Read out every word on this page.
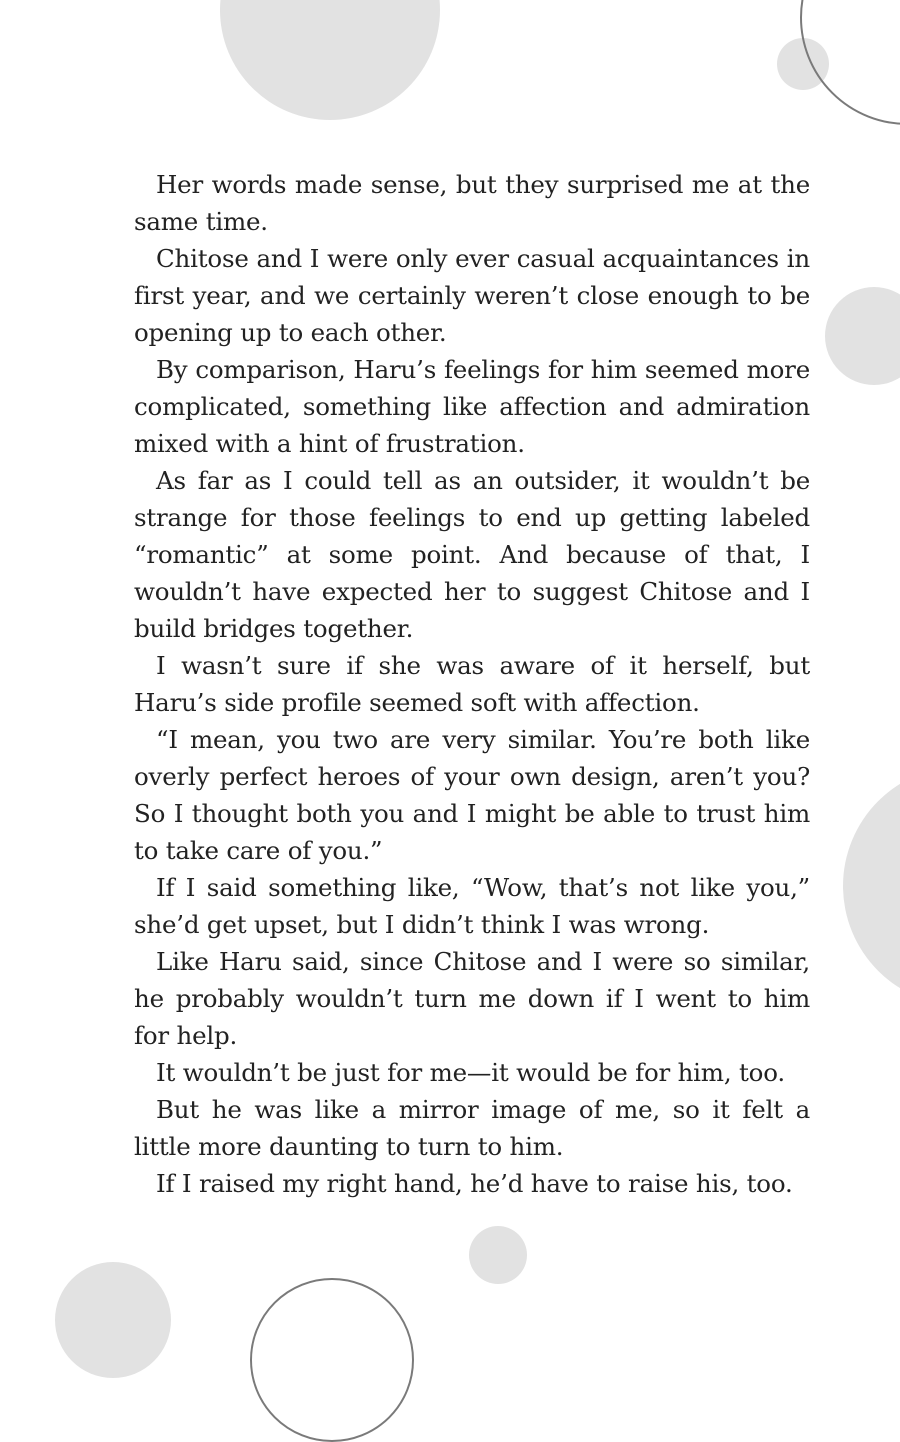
Her words made sense, but they surprised me at the same time.

Chitose and I were only ever casual acquaintances in first year, and we certainly weren’t close enough to be opening up to each other.

By comparison, Haru’s feelings for him seemed more complicated, something like affection and admiration mixed with a hint of frustration.

As far as I could tell as an outsider, it wouldn’t be strange for those feelings to end up getting labeled “romantic” at some point. And because of that, I wouldn’t have expected her to suggest Chitose and I build bridges together.

I wasn’t sure if she was aware of it herself, but Haru’s side profile seemed soft with affection.

“I mean, you two are very similar. You’re both like overly perfect heroes of your own design, aren’t you? So I thought both you and I might be able to trust him to take care of you.”

If I said something like, “Wow, that’s not like you,” she’d get upset, but I didn’t think I was wrong.

Like Haru said, since Chitose and I were so similar, he probably wouldn’t turn me down if I went to him for help.

It wouldn’t be just for me—it would be for him, too.

But he was like a mirror image of me, so it felt a little more daunting to turn to him.

If I raised my right hand, he’d have to raise his, too.
